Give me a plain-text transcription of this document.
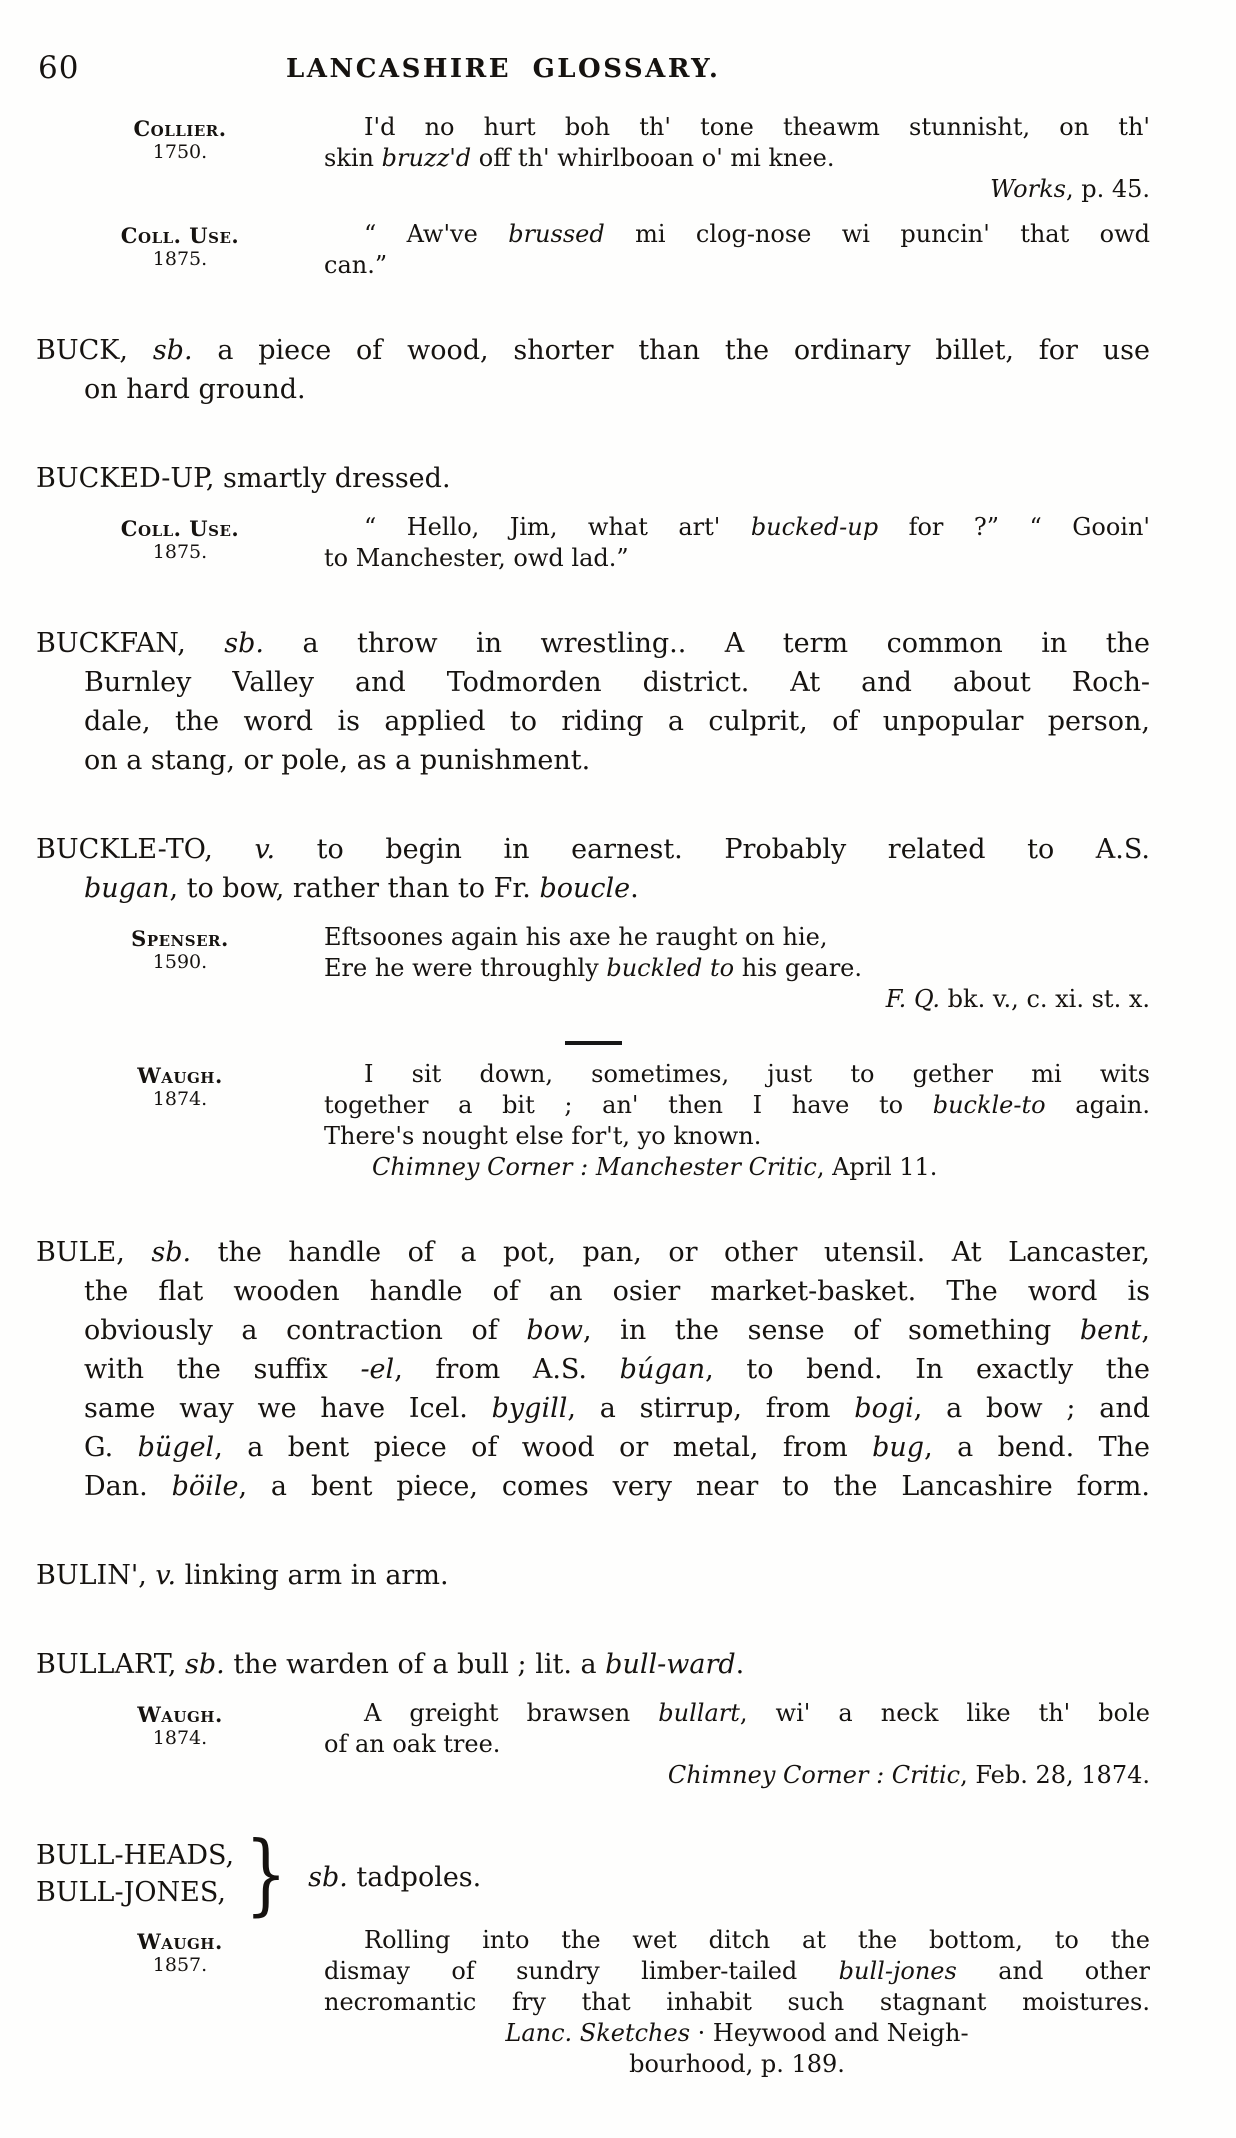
60	LANCASHIRE GLOSSARY.
Collier.
1750.
I'd no hurt boh th' tone theawm stunnisht, on th'
skin bruzz'd off th' whirlbooan o' mi knee.
Works, p. 45.
Coll. Use.
1875.
“ Aw've brussed mi clog-nose wi puncin' that owd
can.”
BUCK, sb. a piece of wood, shorter than the ordinary billet, for use
on hard ground.
BUCKED-UP, smartly dressed.
Coll. Use.
1875.
“ Hello, Jim, what art' bucked-up for ?” “ Gooin'
to Manchester, owd lad.”
BUCKFAN, sb. a throw in wrestling.. A term common in the
Burnley Valley and Todmorden district. At and about Roch-
dale, the word is applied to riding a culprit, of unpopular person,
on a stang, or pole, as a punishment.
BUCKLE-TO, v. to begin in earnest. Probably related to A.S.
bugan, to bow, rather than to Fr. boucle.
Spenser.
1590.
Eftsoones again his axe he raught on hie,
Ere he were throughly buckled to his geare.
F. Q. bk. v., c. xi. st. x.
Waugh.
1874.
I sit down, sometimes, just to gether mi wits
together a bit ; an' then I have to buckle-to again.
There's nought else for't, yo known.
Chimney Corner : Manchester Critic, April 11.
BULE, sb. the handle of a pot, pan, or other utensil. At Lancaster,
the flat wooden handle of an osier market-basket. The word is
obviously a contraction of bow, in the sense of something bent,
with the suffix -el, from A.S. búgan, to bend. In exactly the
same way we have Icel. bygill, a stirrup, from bogi, a bow ; and
G. bügel, a bent piece of wood or metal, from bug, a bend. The
Dan. böile, a bent piece, comes very near to the Lancashire form.
BULIN', v. linking arm in arm.
BULLART, sb. the warden of a bull ; lit. a bull-ward.
Waugh.
1874.
A greight brawsen bullart, wi' a neck like th' bole
of an oak tree.
Chimney Corner : Critic, Feb. 28, 1874.
BULL-HEADS,
BULL-JONES, } sb. tadpoles.
Waugh.
1857.
Rolling into the wet ditch at the bottom, to the
dismay of sundry limber-tailed bull-jones and other
necromantic fry that inhabit such stagnant moistures.
Lanc. Sketches · Heywood and Neigh-
bourhood, p. 189.
